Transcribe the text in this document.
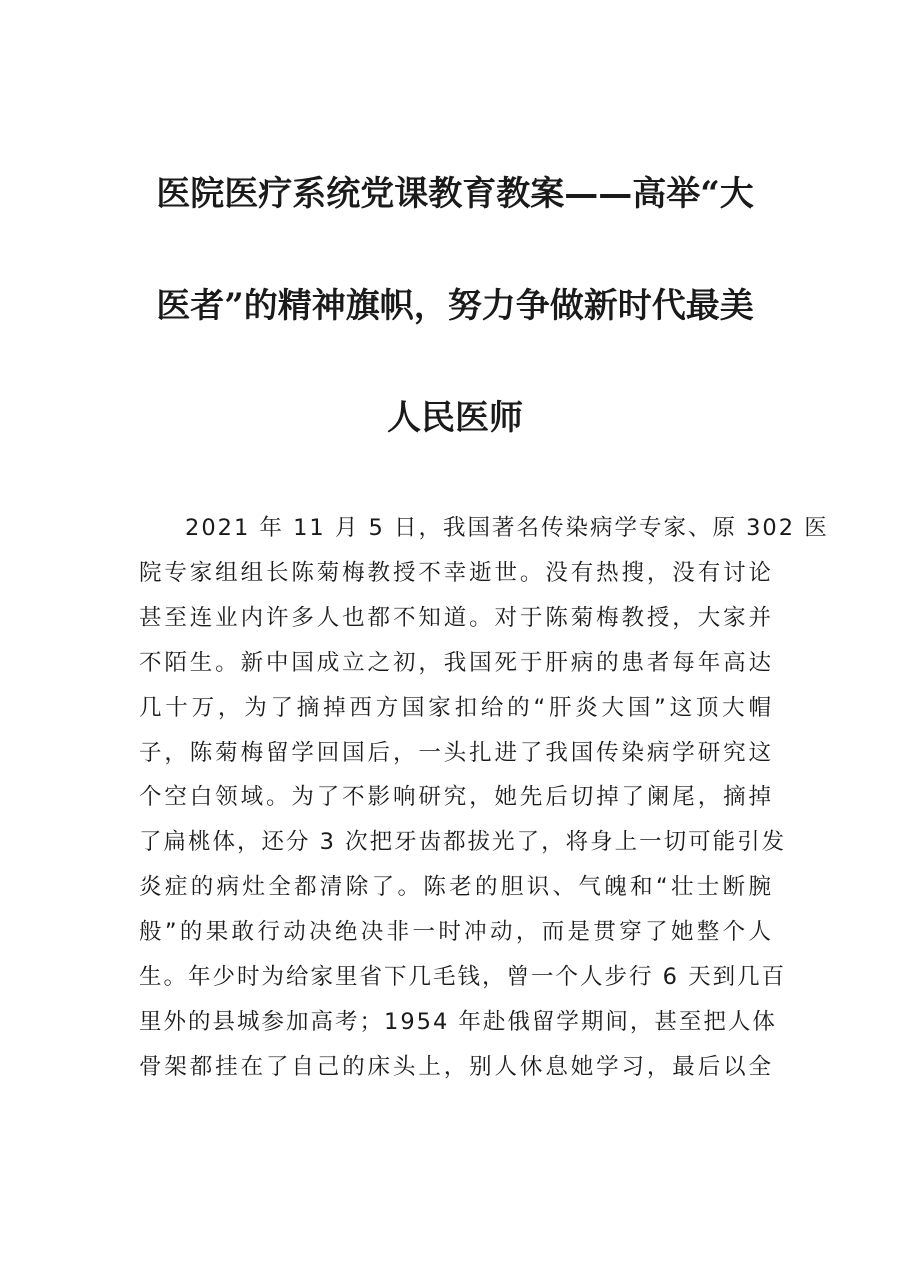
医院医疗系统党课教育教案——高举“大
医者”的精神旗帜，努力争做新时代最美
人民医师
2021 年 11 月 5 日，我国著名传染病学专家、原 302 医
院专家组组长陈菊梅教授不幸逝世。没有热搜，没有讨论
甚至连业内许多人也都不知道。对于陈菊梅教授，大家并
不陌生。新中国成立之初，我国死于肝病的患者每年高达
几十万，为了摘掉西方国家扣给的“肝炎大国”这顶大帽
子，陈菊梅留学回国后，一头扎进了我国传染病学研究这
个空白领域。为了不影响研究，她先后切掉了阑尾，摘掉
了扁桃体，还分 3 次把牙齿都拔光了，将身上一切可能引发
炎症的病灶全都清除了。陈老的胆识、气魄和“壮士断腕
般”的果敢行动决绝决非一时冲动，而是贯穿了她整个人
生。年少时为给家里省下几毛钱，曾一个人步行 6 天到几百
里外的县城参加高考；1954 年赴俄留学期间，甚至把人体
骨架都挂在了自己的床头上，别人休息她学习，最后以全
